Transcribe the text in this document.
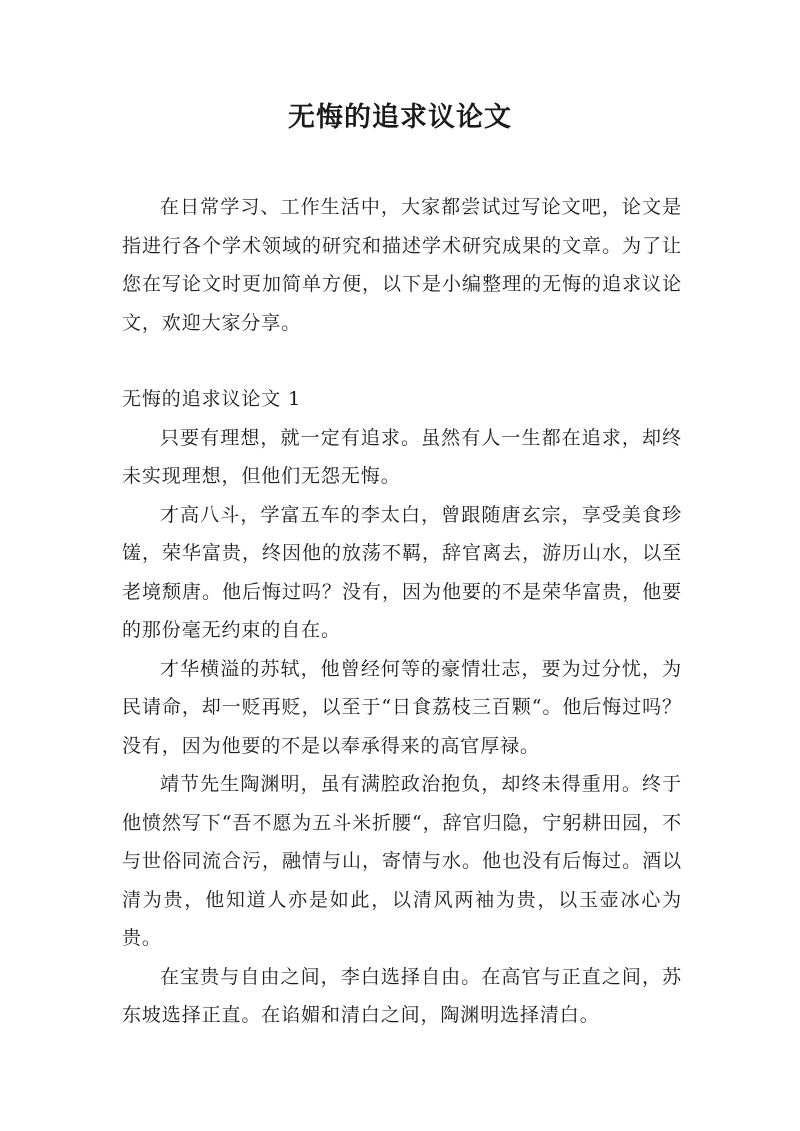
无悔的追求议论文

在日常学习、工作生活中，大家都尝试过写论文吧，论文是指进行各个学术领域的研究和描述学术研究成果的文章。为了让您在写论文时更加简单方便，以下是小编整理的无悔的追求议论文，欢迎大家分享。

无悔的追求议论文 1

只要有理想，就一定有追求。虽然有人一生都在追求，却终未实现理想，但他们无怨无悔。

才高八斗，学富五车的李太白，曾跟随唐玄宗，享受美食珍馐，荣华富贵，终因他的放荡不羁，辞官离去，游历山水，以至老境颓唐。他后悔过吗？没有，因为他要的不是荣华富贵，他要的那份毫无约束的自在。

才华横溢的苏轼，他曾经何等的豪情壮志，要为过分忧，为民请命，却一贬再贬，以至于“日食荔枝三百颗“。他后悔过吗？没有，因为他要的不是以奉承得来的高官厚禄。

靖节先生陶渊明，虽有满腔政治抱负，却终未得重用。终于他愤然写下“吾不愿为五斗米折腰“，辞官归隐，宁躬耕田园，不与世俗同流合污，融情与山，寄情与水。他也没有后悔过。酒以清为贵，他知道人亦是如此，以清风两袖为贵，以玉壶冰心为贵。

在宝贵与自由之间，李白选择自由。在高官与正直之间，苏东坡选择正直。在谄媚和清白之间，陶渊明选择清白。
